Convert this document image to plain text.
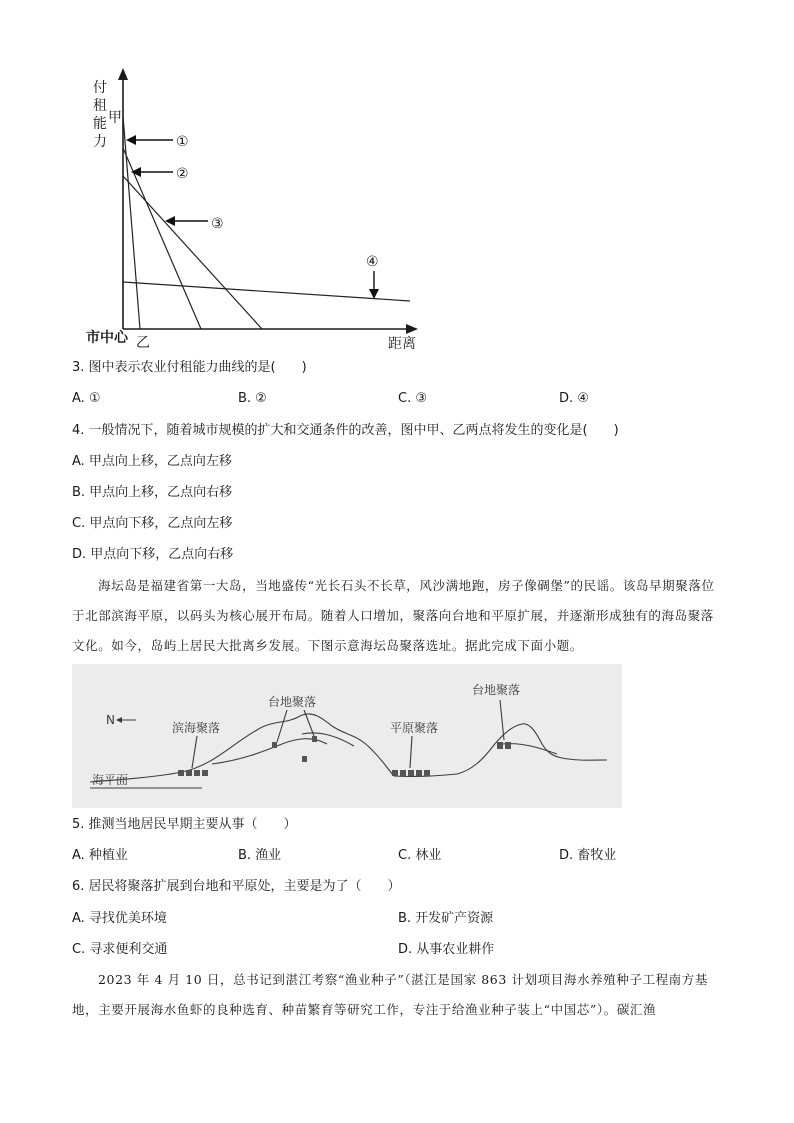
付
租
能
力
甲
①
②
③
④
市中心 乙	距离
3. 图中表示农业付租能力曲线的是(　　)
A. ①	B. ②	C. ③	D. ④
4. 一般情况下，随着城市规模的扩大和交通条件的改善，图中甲、乙两点将发生的变化是(　　)
A. 甲点向上移，乙点向左移
B. 甲点向上移，乙点向右移
C. 甲点向下移，乙点向左移
D. 甲点向下移，乙点向右移

海坛岛是福建省第一大岛，当地盛传“光长石头不长草，风沙满地跑，房子像碉堡”的民谣。该岛早期聚落位于北部滨海平原，以码头为核心展开布局。随着人口增加，聚落向台地和平原扩展，并逐渐形成独有的海岛聚落文化。如今，岛屿上居民大批离乡发展。下图示意海坛岛聚落选址。据此完成下面小题。

N
滨海聚落
台地聚落
平原聚落
台地聚落
海平面
5. 推测当地居民早期主要从事（　　）
A. 种植业	B. 渔业	C. 林业	D. 畜牧业
6. 居民将聚落扩展到台地和平原处，主要是为了（　　）
A. 寻找优美环境	B. 开发矿产资源
C. 寻求便利交通	D. 从事农业耕作

2023 年 4 月 10 日，总书记到湛江考察“渔业种子”（湛江是国家 863 计划项目海水养殖种子工程南方基地，主要开展海水鱼虾的良种选育、种苗繁育等研究工作，专注于给渔业种子装上“中国芯”）。碳汇渔
